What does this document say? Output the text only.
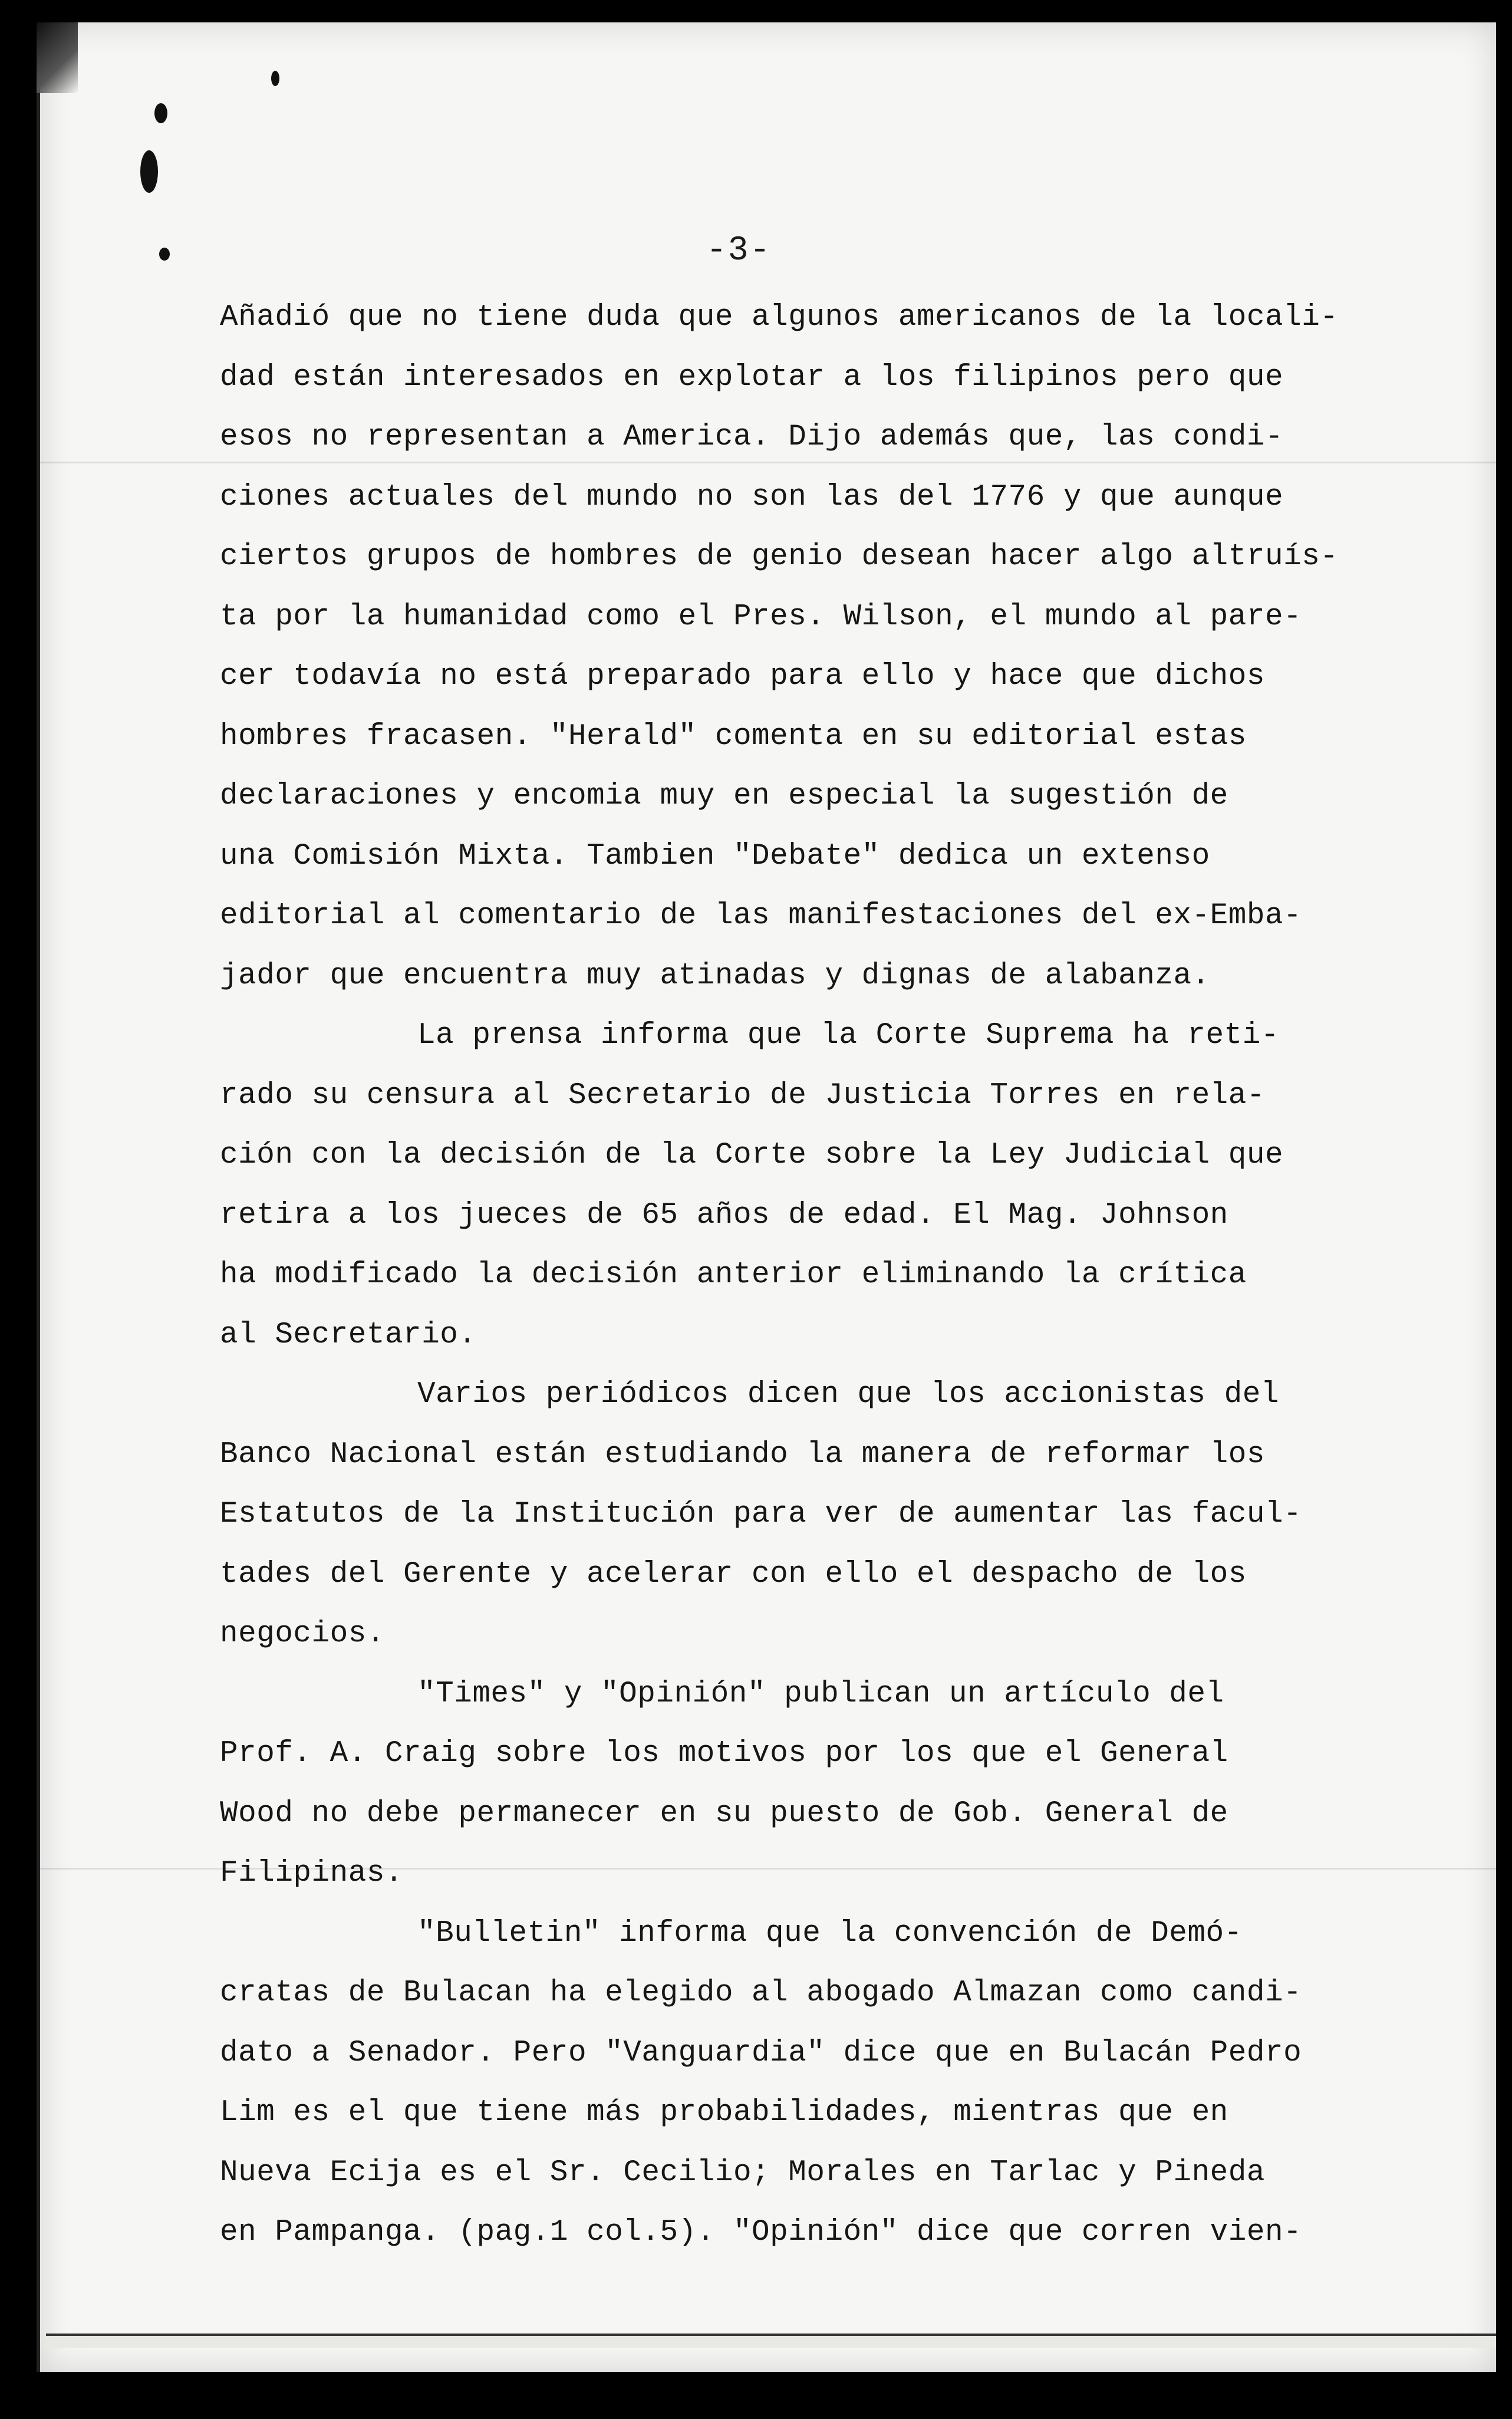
-3-
Añadió que no tiene duda que algunos americanos de la locali-
dad están interesados en explotar a los filipinos pero que
esos no representan a America. Dijo además que, las condi-
ciones actuales del mundo no son las del 1776 y que aunque
ciertos grupos de hombres de genio desean hacer algo altruís-
ta por la humanidad como el Pres. Wilson, el mundo al pare-
cer todavía no está preparado para ello y hace que dichos
hombres fracasen. "Herald" comenta en su editorial estas
declaraciones y encomia muy en especial la sugestión de
una Comisión Mixta. Tambien "Debate" dedica un extenso
editorial al comentario de las manifestaciones del ex-Emba-
jador que encuentra muy atinadas y dignas de alabanza.
La prensa informa que la Corte Suprema ha reti-
rado su censura al Secretario de Justicia Torres en rela-
ción con la decisión de la Corte sobre la Ley Judicial que
retira a los jueces de 65 años de edad. El Mag. Johnson
ha modificado la decisión anterior eliminando la crítica
al Secretario.
Varios periódicos dicen que los accionistas del
Banco Nacional están estudiando la manera de reformar los
Estatutos de la Institución para ver de aumentar las facul-
tades del Gerente y acelerar con ello el despacho de los
negocios.
"Times" y "Opinión" publican un artículo del
Prof. A. Craig sobre los motivos por los que el General
Wood no debe permanecer en su puesto de Gob. General de
Filipinas.
"Bulletin" informa que la convención de Demó-
cratas de Bulacan ha elegido al abogado Almazan como candi-
dato a Senador. Pero "Vanguardia" dice que en Bulacán Pedro
Lim es el que tiene más probabilidades, mientras que en
Nueva Ecija es el Sr. Cecilio; Morales en Tarlac y Pineda
en Pampanga. (pag.1 col.5). "Opinión" dice que corren vien-
